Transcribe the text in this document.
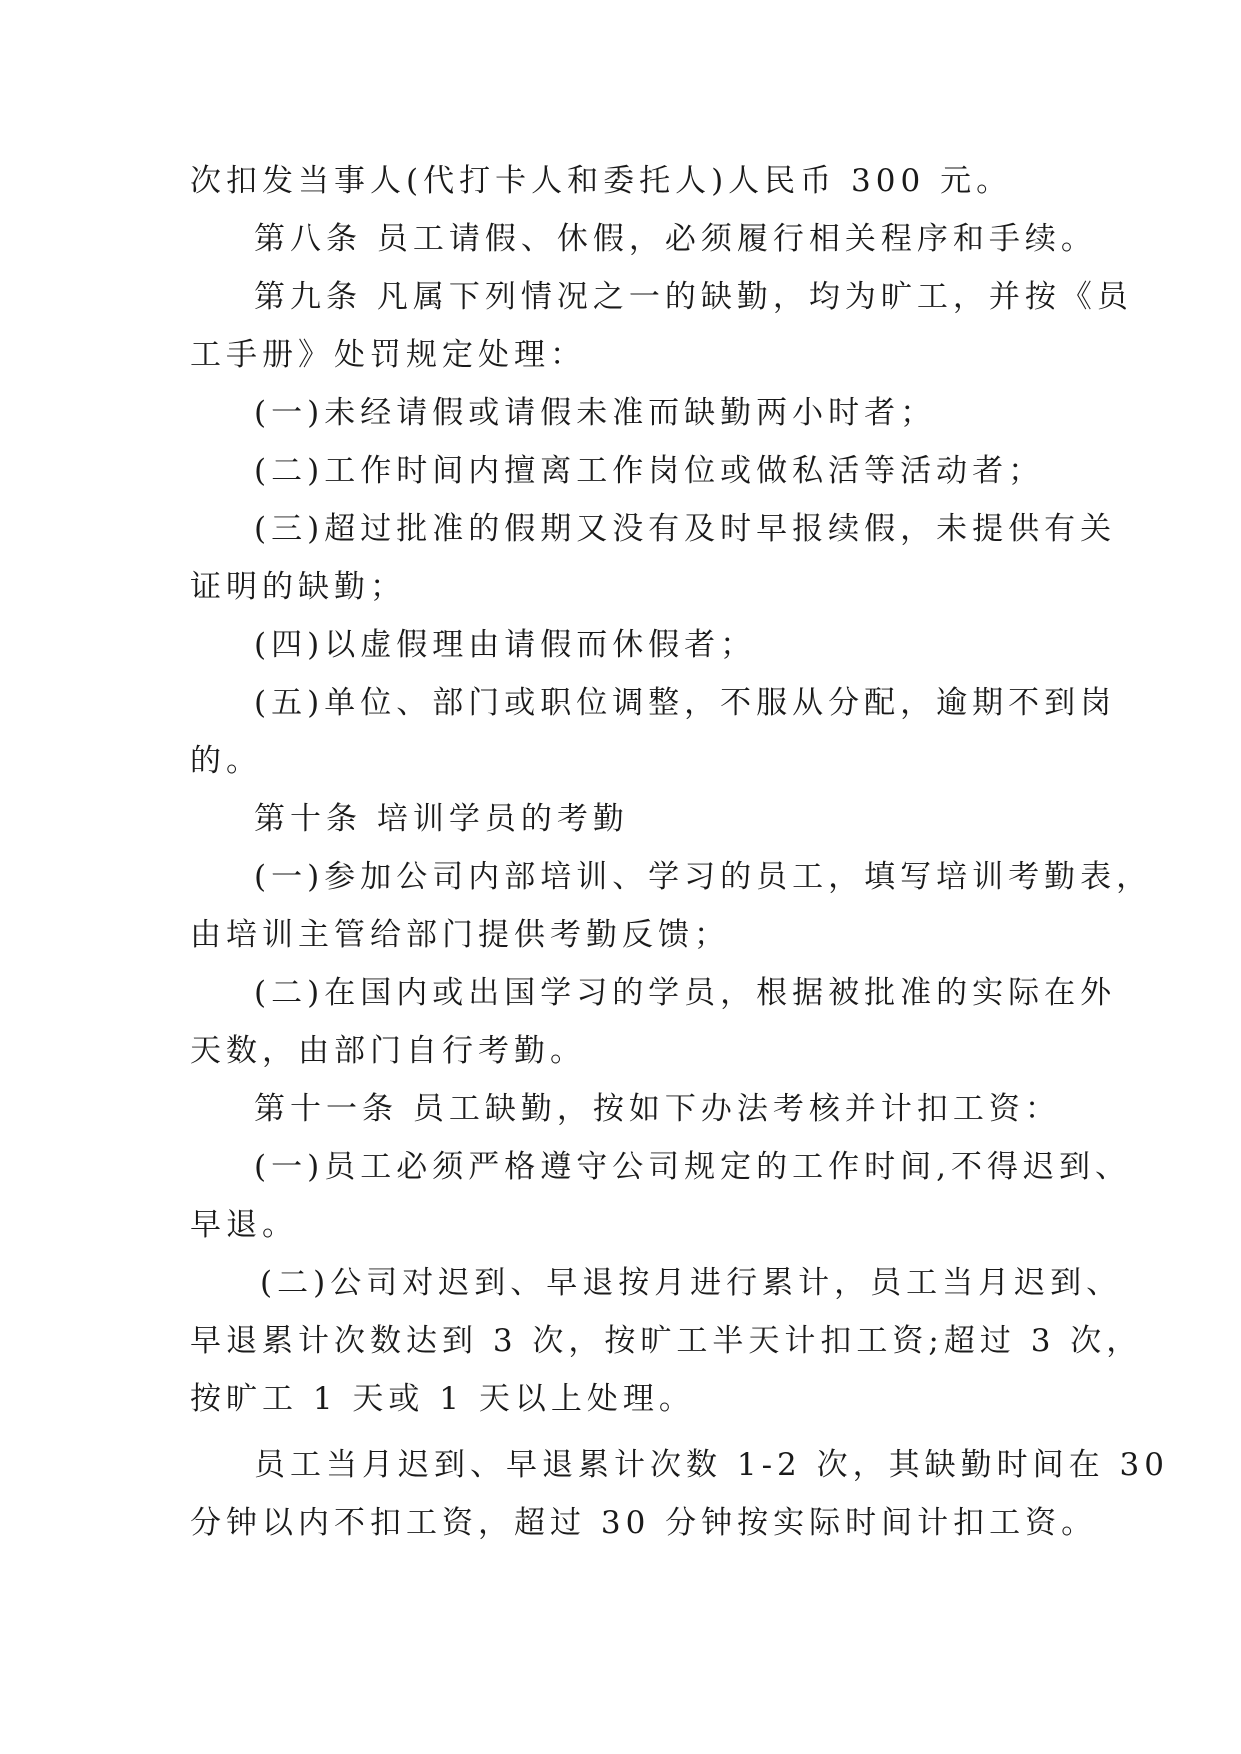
次扣发当事人(代打卡人和委托人)人民币 300 元。
第八条 员工请假、休假，必须履行相关程序和手续。
第九条 凡属下列情况之一的缺勤，均为旷工，并按《员
工手册》处罚规定处理：
(一)未经请假或请假未准而缺勤两小时者；
(二)工作时间内擅离工作岗位或做私活等活动者；
(三)超过批准的假期又没有及时早报续假，未提供有关
证明的缺勤；
(四)以虚假理由请假而休假者；
(五)单位、部门或职位调整，不服从分配，逾期不到岗
的。
第十条 培训学员的考勤
(一)参加公司内部培训、学习的员工，填写培训考勤表，
由培训主管给部门提供考勤反馈；
(二)在国内或出国学习的学员，根据被批准的实际在外
天数，由部门自行考勤。
第十一条 员工缺勤，按如下办法考核并计扣工资：
(一)员工必须严格遵守公司规定的工作时间,不得迟到、
早退。
(二)公司对迟到、早退按月进行累计，员工当月迟到、
早退累计次数达到 3 次，按旷工半天计扣工资;超过 3 次，
按旷工 1 天或 1 天以上处理。
员工当月迟到、早退累计次数 1-2 次，其缺勤时间在 30
分钟以内不扣工资，超过 30 分钟按实际时间计扣工资。
